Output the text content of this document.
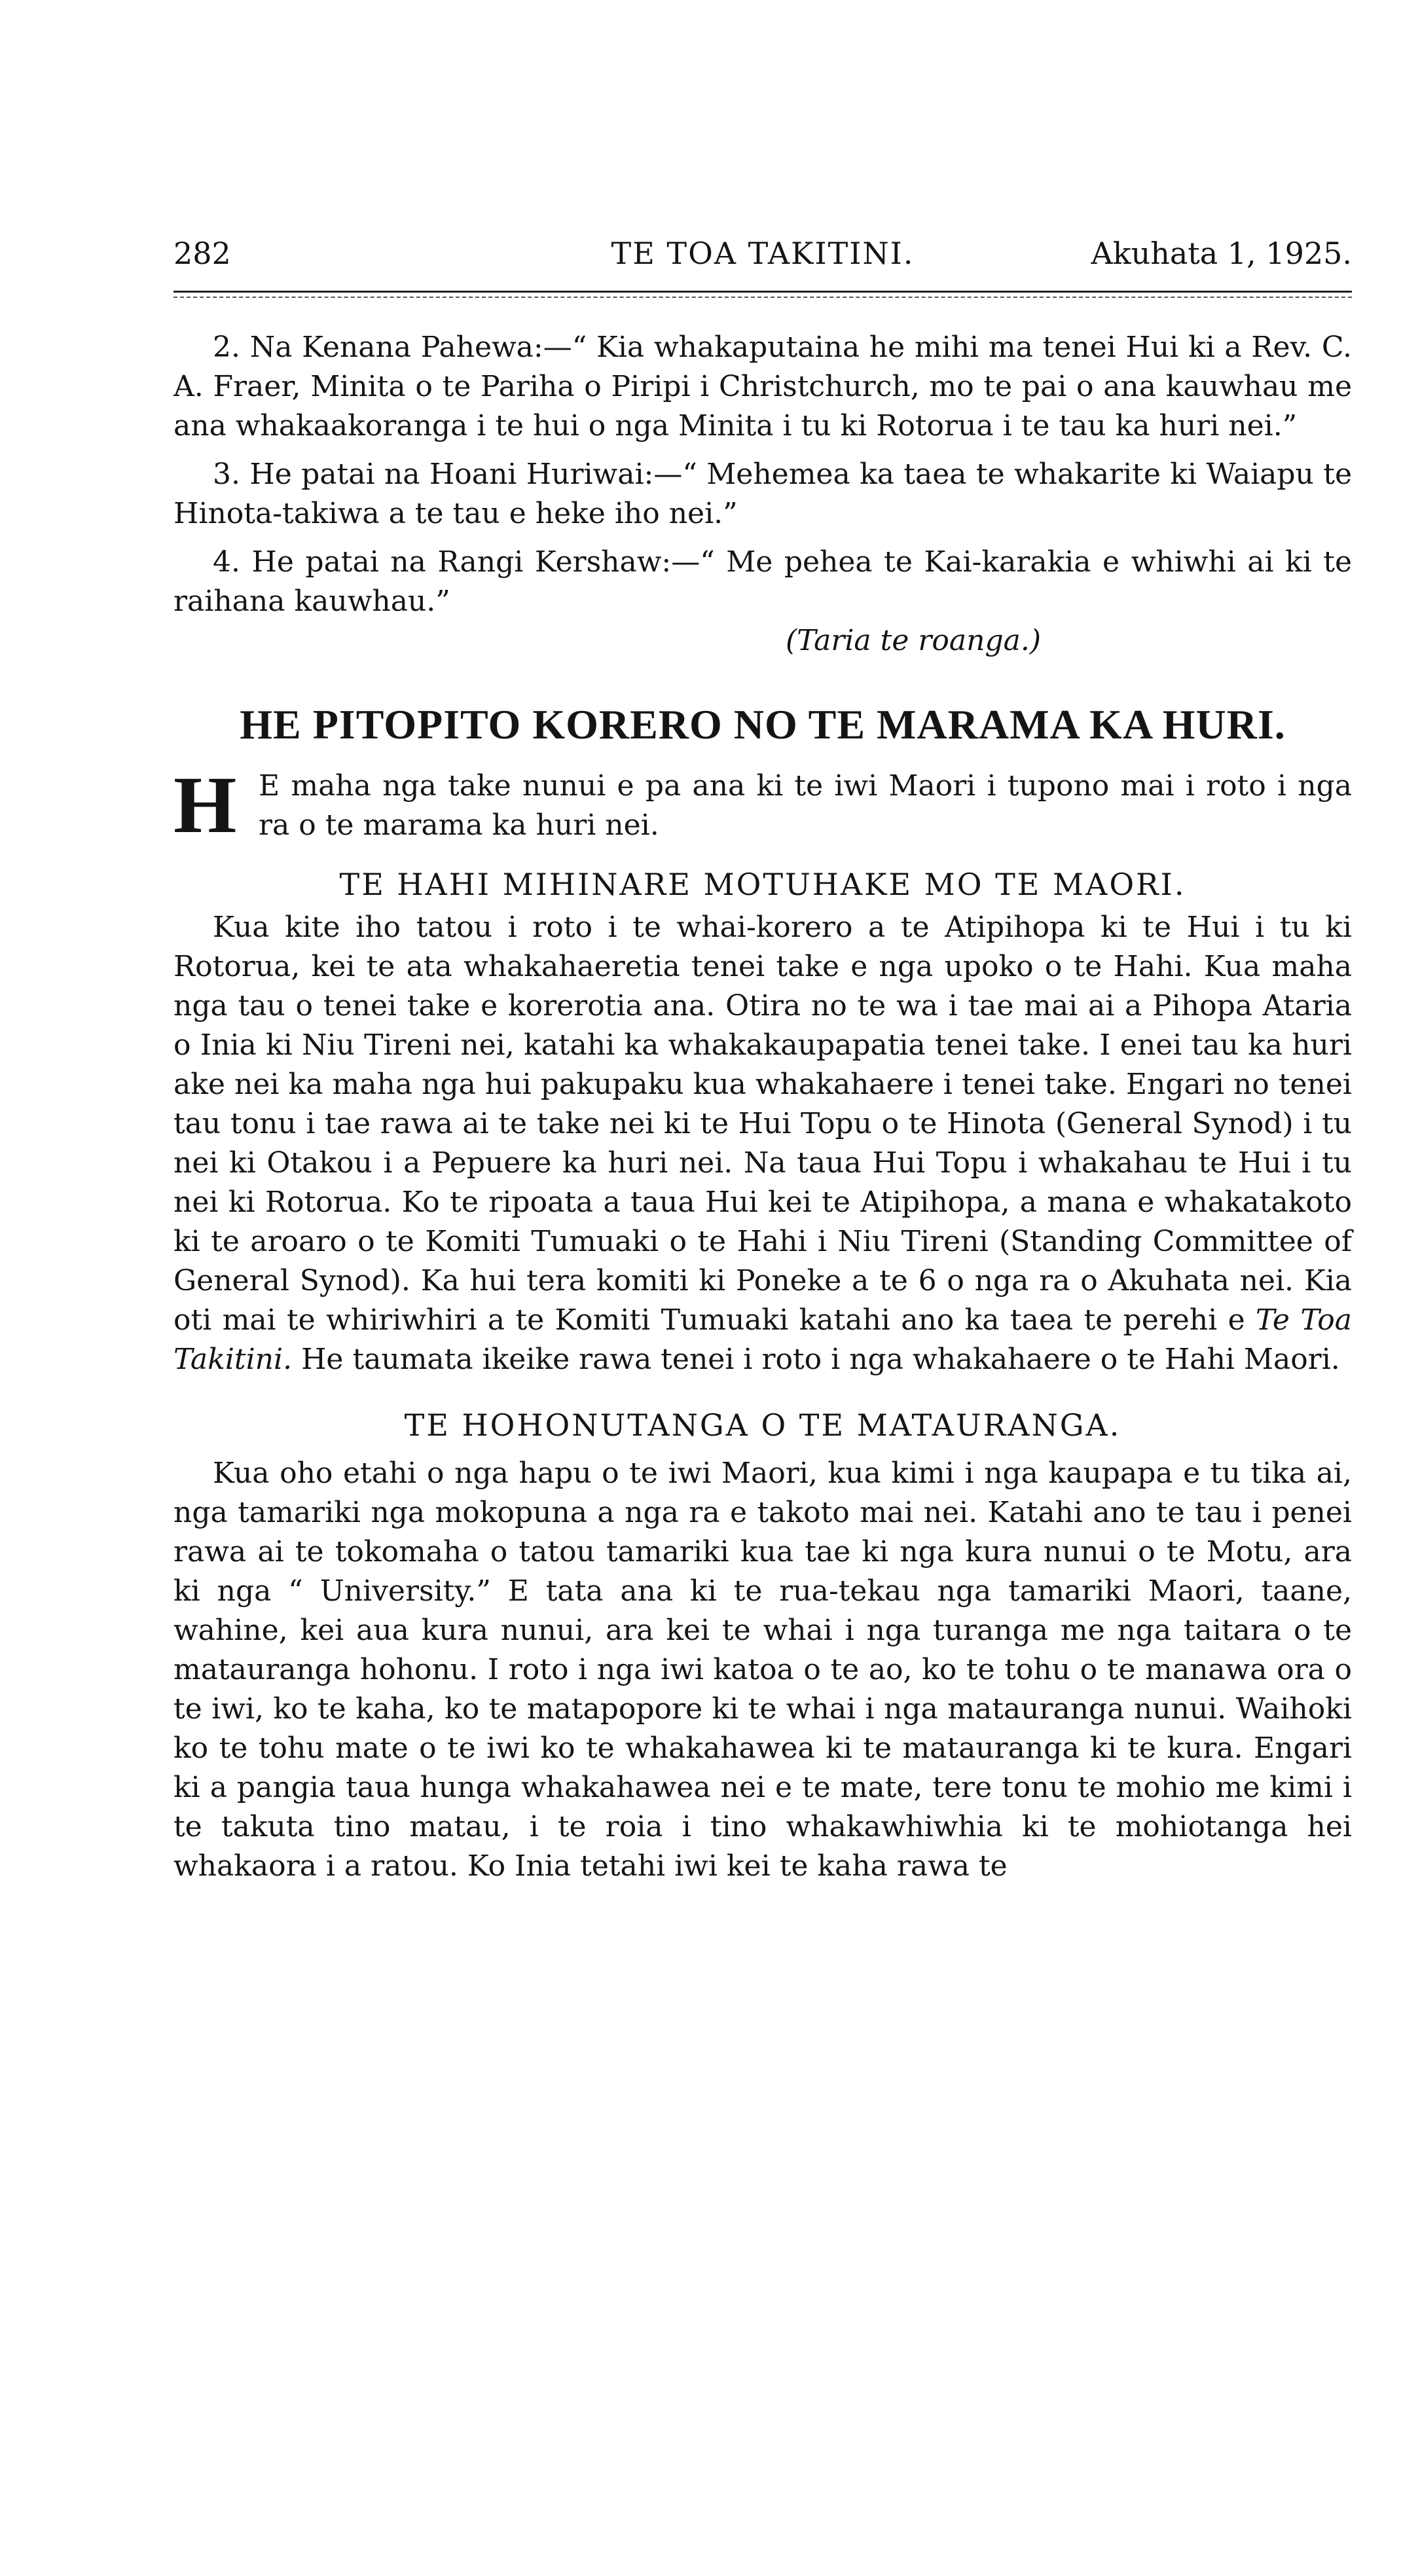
282	TE TOA TAKITINI.	Akuhata 1, 1925.

2. Na Kenana Pahewa:—“ Kia whakaputaina he mihi ma tenei Hui ki a Rev. C. A. Fraer, Minita o te Pariha o Piripi i Christchurch, mo te pai o ana kauwhau me ana whakaakoranga i te hui o nga Minita i tu ki Rotorua i te tau ka huri nei.”

3. He patai na Hoani Huriwai:—“ Mehemea ka taea te whakarite ki Waiapu te Hinota-takiwa a te tau e heke iho nei.”

4. He patai na Rangi Kershaw:—“ Me pehea te Kai-karakia e whiwhi ai ki te raihana kauwhau.”

(Taria te roanga.)

HE PITOPITO KORERO NO TE MARAMA KA HURI.
H E maha nga take nunui e pa ana ki te iwi Maori i tupono mai i roto i nga ra o te marama ka huri nei.

TE HAHI MIHINARE MOTUHAKE MO TE MAORI.

Kua kite iho tatou i roto i te whai-korero a te Atipihopa ki te Hui i tu ki Rotorua, kei te ata whakahaeretia tenei take e nga upoko o te Hahi. Kua maha nga tau o tenei take e korerotia ana. Otira no te wa i tae mai ai a Pihopa Ataria o Inia ki Niu Tireni nei, katahi ka whakakaupapatia tenei take. I enei tau ka huri ake nei ka maha nga hui pakupaku kua whakahaere i tenei take. Engari no tenei tau tonu i tae rawa ai te take nei ki te Hui Topu o te Hinota (General Synod) i tu nei ki Otakou i a Pepuere ka huri nei. Na taua Hui Topu i whakahau te Hui i tu nei ki Rotorua. Ko te ripoata a taua Hui kei te Atipihopa, a mana e whakatakoto ki te aroaro o te Komiti Tumuaki o te Hahi i Niu Tireni (Standing Committee of General Synod). Ka hui tera komiti ki Poneke a te 6 o nga ra o Akuhata nei. Kia oti mai te whiriwhiri a te Komiti Tumuaki katahi ano ka taea te perehi e Te Toa Takitini. He taumata ikeike rawa tenei i roto i nga whakahaere o te Hahi Maori.

TE HOHONUTANGA O TE MATAURANGA.

Kua oho etahi o nga hapu o te iwi Maori, kua kimi i nga kaupapa e tu tika ai, nga tamariki nga mokopuna a nga ra e takoto mai nei. Katahi ano te tau i penei rawa ai te tokomaha o tatou tamariki kua tae ki nga kura nunui o te Motu, ara ki nga “ University.” E tata ana ki te rua-tekau nga tamariki Maori, taane, wahine, kei aua kura nunui, ara kei te whai i nga turanga me nga taitara o te matauranga hohonu. I roto i nga iwi katoa o te ao, ko te tohu o te manawa ora o te iwi, ko te kaha, ko te matapopore ki te whai i nga matauranga nunui. Waihoki ko te tohu mate o te iwi ko te whakahawea ki te matauranga ki te kura. Engari ki a pangia taua hunga whakahawea nei e te mate, tere tonu te mohio me kimi i te takuta tino matau, i te roia i tino whakawhiwhia ki te mohiotanga hei whakaora i a ratou. Ko Inia tetahi iwi kei te kaha rawa te
